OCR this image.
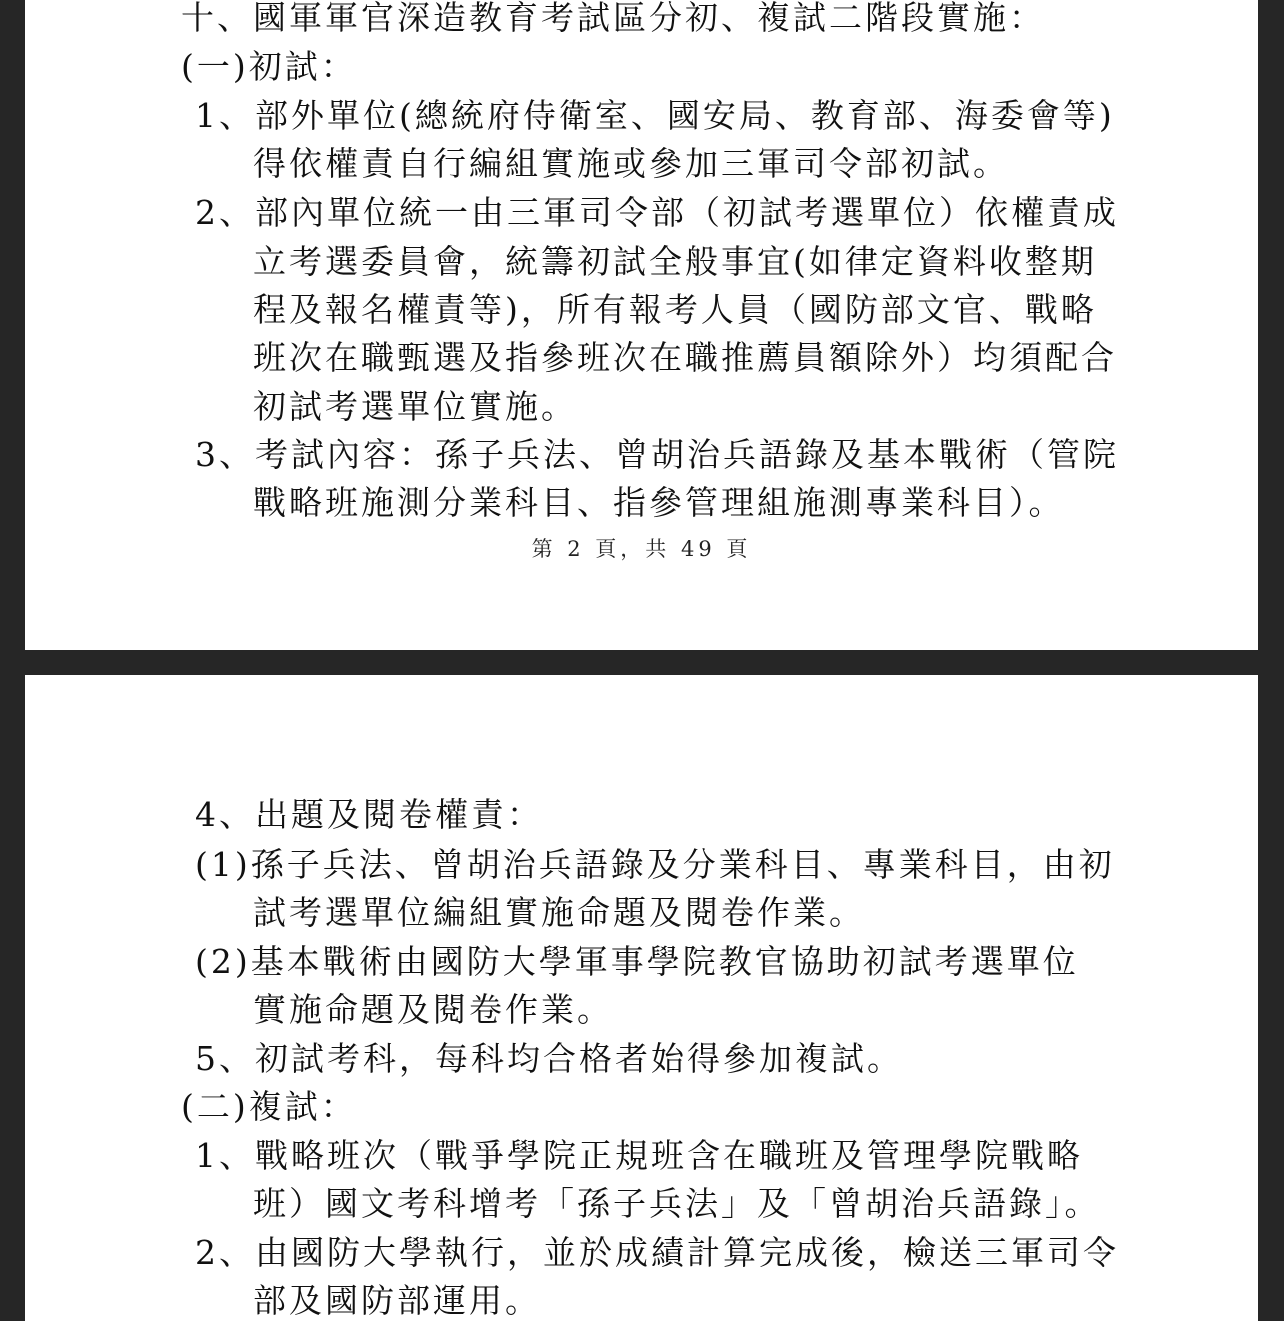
十、國軍軍官深造教育考試區分初、複試二階段實施：
(一)初試：
1、部外單位(總統府侍衛室、國安局、教育部、海委會等)
得依權責自行編組實施或參加三軍司令部初試。
2、部內單位統一由三軍司令部（初試考選單位）依權責成
立考選委員會，統籌初試全般事宜(如律定資料收整期
程及報名權責等)，所有報考人員（國防部文官、戰略
班次在職甄選及指參班次在職推薦員額除外）均須配合
初試考選單位實施。
3、考試內容：孫子兵法、曾胡治兵語錄及基本戰術（管院
戰略班施測分業科目、指參管理組施測專業科目）。
第 2 頁，共 49 頁
4、出題及閱卷權責：
(1)孫子兵法、曾胡治兵語錄及分業科目、專業科目，由初
試考選單位編組實施命題及閱卷作業。
(2)基本戰術由國防大學軍事學院教官協助初試考選單位
實施命題及閱卷作業。
5、初試考科，每科均合格者始得參加複試。
(二)複試：
1、戰略班次（戰爭學院正規班含在職班及管理學院戰略
班）國文考科增考「孫子兵法」及「曾胡治兵語錄」。
2、由國防大學執行，並於成績計算完成後，檢送三軍司令
部及國防部運用。
